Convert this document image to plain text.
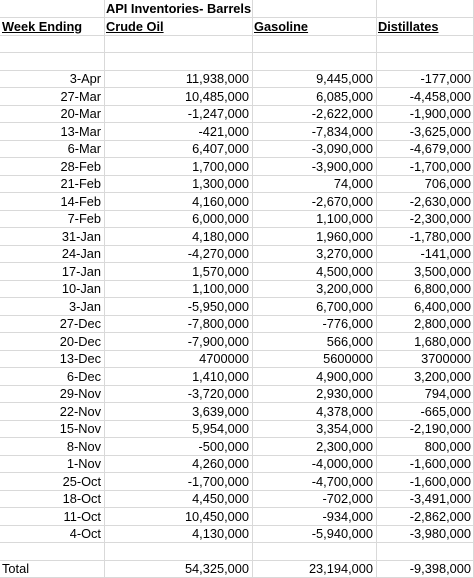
API Inventories- Barrels
Week Ending	Crude Oil	Gasoline	Distillates
3-Apr	11,938,000	9,445,000	-177,000
27-Mar	10,485,000	6,085,000	-4,458,000
20-Mar	-1,247,000	-2,622,000	-1,900,000
13-Mar	-421,000	-7,834,000	-3,625,000
6-Mar	6,407,000	-3,090,000	-4,679,000
28-Feb	1,700,000	-3,900,000	-1,700,000
21-Feb	1,300,000	74,000	706,000
14-Feb	4,160,000	-2,670,000	-2,630,000
7-Feb	6,000,000	1,100,000	-2,300,000
31-Jan	4,180,000	1,960,000	-1,780,000
24-Jan	-4,270,000	3,270,000	-141,000
17-Jan	1,570,000	4,500,000	3,500,000
10-Jan	1,100,000	3,200,000	6,800,000
3-Jan	-5,950,000	6,700,000	6,400,000
27-Dec	-7,800,000	-776,000	2,800,000
20-Dec	-7,900,000	566,000	1,680,000
13-Dec	4700000	5600000	3700000
6-Dec	1,410,000	4,900,000	3,200,000
29-Nov	-3,720,000	2,930,000	794,000
22-Nov	3,639,000	4,378,000	-665,000
15-Nov	5,954,000	3,354,000	-2,190,000
8-Nov	-500,000	2,300,000	800,000
1-Nov	4,260,000	-4,000,000	-1,600,000
25-Oct	-1,700,000	-4,700,000	-1,600,000
18-Oct	4,450,000	-702,000	-3,491,000
11-Oct	10,450,000	-934,000	-2,862,000
4-Oct	4,130,000	-5,940,000	-3,980,000
Total	54,325,000	23,194,000	-9,398,000
